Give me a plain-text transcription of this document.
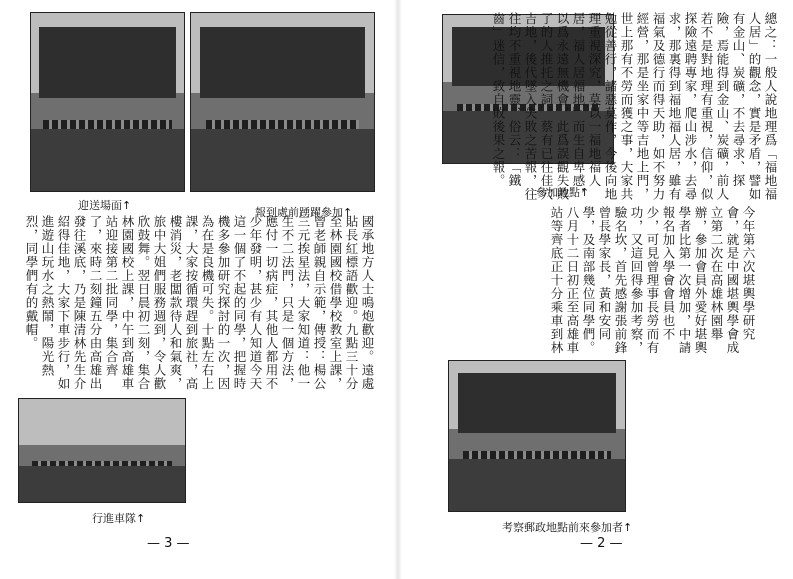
迎送場面↑
報到處前踴躍參加↑
國承地方人士鳴炮歡迎。遠處貼長紅標語歡迎。九點三十分至林園國校借學校教室上課，曾老師親自示範，傳授：楊公三元挨星法，大家知道：他一生不二法門，只是一個方法，應付一切病症，其他人都用不少年發明，甚少有人知道今天這一個了不起的同學，把握時機多參加研究探討的一次，因為在是良機可失。十點左右上課，大家按循環趕到旅社，高樓消災，老闆款待人和氣爽，旅中大姐們服務週到，令人歡欣鼓舞。翌日晨初二刻，集合林園國校上課，中午到高雄車站迎接第二批同學，集合齊了，來時二刻鐘五分由高雄出發往溪底，乃是陳清林先生介紹得佳地，大家下車步行，如進遊山玩水之熱鬧，陽光熱烈，同學們有的戴帽。
行進車隊↑
— 3 —
參加地點↑	總之：一般人說地理爲「福地福人居」的觀念，實是矛盾，譬如有金山、炭礦，不去尋求、探險，焉能得到金山、炭礦，前人若不是對地理有重視，信仰，似探險遠聘專家，爬山涉水，去尋求，那裏得到福地福人居，雖有福氣及德行而得天助，如不努力經營，那是坐家中等吉地上門，世上那有不勞而獲之事，大家共勉從善行，諸惡莫作，今後向地理重視深究，莫以一福地福人居，福人居福地」而生自卑感，以爲永遠無機會，此爲誤觀失敗了的人推托之詞。蔡有已往佳穴吉地，後代墜入失敗之苦報，往往均不重視地靈，俗云：「鐵齒」迷信，致自敗後果之報。
今年第六次堪輿學研究會，就是中國堪輿學會成立第二次在高雄林園舉辦，參加會員外愛好堪輿學者比第一次增加，中請報名加入學會會員也不少，可見曾理事長勞而有功，又這回得參加考察，驗名坎，首先感謝張前鋒曾長學家長，黃和安同學，及南部幾位同學們。八月十二日初正至高雄車站等齊底正十分乘車到林
考察郵政地點前來參加者↑
— 2 —
